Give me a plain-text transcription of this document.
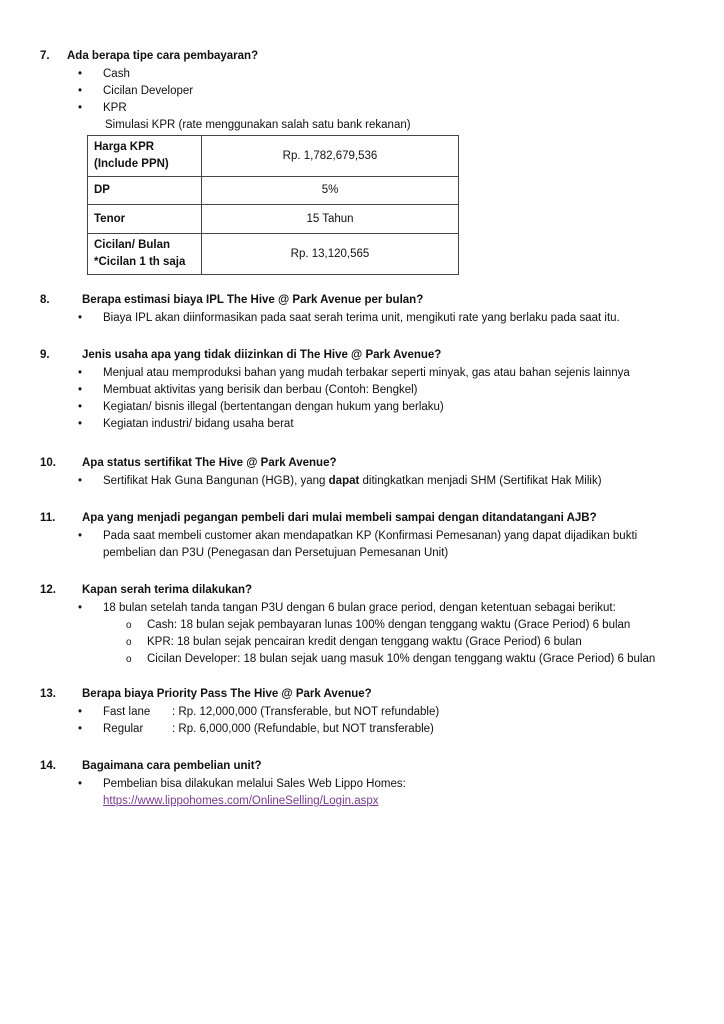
7. Ada berapa tipe cara pembayaran?
•
Cash
•
Cicilan Developer
•
KPR
Simulasi KPR (rate menggunakan salah satu bank rekanan)
Harga KPR
(Include PPN)	Rp. 1,782,679,536
DP	5%
Tenor	15 Tahun
Cicilan/ Bulan
*Cicilan 1 th saja	Rp. 13,120,565
8.	Berapa estimasi biaya IPL The Hive @ Park Avenue per bulan?
•
Biaya IPL akan diinformasikan pada saat serah terima unit, mengikuti rate yang berlaku pada saat itu.
9.	Jenis usaha apa yang tidak diizinkan di The Hive @ Park Avenue?
•
Menjual atau memproduksi bahan yang mudah terbakar seperti minyak, gas atau bahan sejenis lainnya
•
Membuat aktivitas yang berisik dan berbau (Contoh: Bengkel)
•
Kegiatan/ bisnis illegal (bertentangan dengan hukum yang berlaku)
•
Kegiatan industri/ bidang usaha berat
10. Apa status sertifikat The Hive @ Park Avenue?
•
Sertifikat Hak Guna Bangunan (HGB), yang dapat ditingkatkan menjadi SHM (Sertifikat Hak Milik)
11. Apa yang menjadi pegangan pembeli dari mulai membeli sampai dengan ditandatangani AJB?
•
Pada saat membeli customer akan mendapatkan KP (Konfirmasi Pemesanan) yang dapat dijadikan bukti
pembelian dan P3U (Penegasan dan Persetujuan Pemesanan Unit)
12. Kapan serah terima dilakukan?
•
18 bulan setelah tanda tangan P3U dengan 6 bulan grace period, dengan ketentuan sebagai berikut:
o Cash: 18 bulan sejak pembayaran lunas 100% dengan tenggang waktu (Grace Period) 6 bulan
o KPR: 18 bulan sejak pencairan kredit dengan tenggang waktu (Grace Period) 6 bulan
o Cicilan Developer: 18 bulan sejak uang masuk 10% dengan tenggang waktu (Grace Period) 6 bulan
13. Berapa biaya Priority Pass The Hive @ Park Avenue?
•
Fast lane : Rp. 12,000,000 (Transferable, but NOT refundable)
•
Regular : Rp. 6,000,000 (Refundable, but NOT transferable)
14. Bagaimana cara pembelian unit?
•
Pembelian bisa dilakukan melalui Sales Web Lippo Homes:
https://www.lippohomes.com/OnlineSelling/Login.aspx
